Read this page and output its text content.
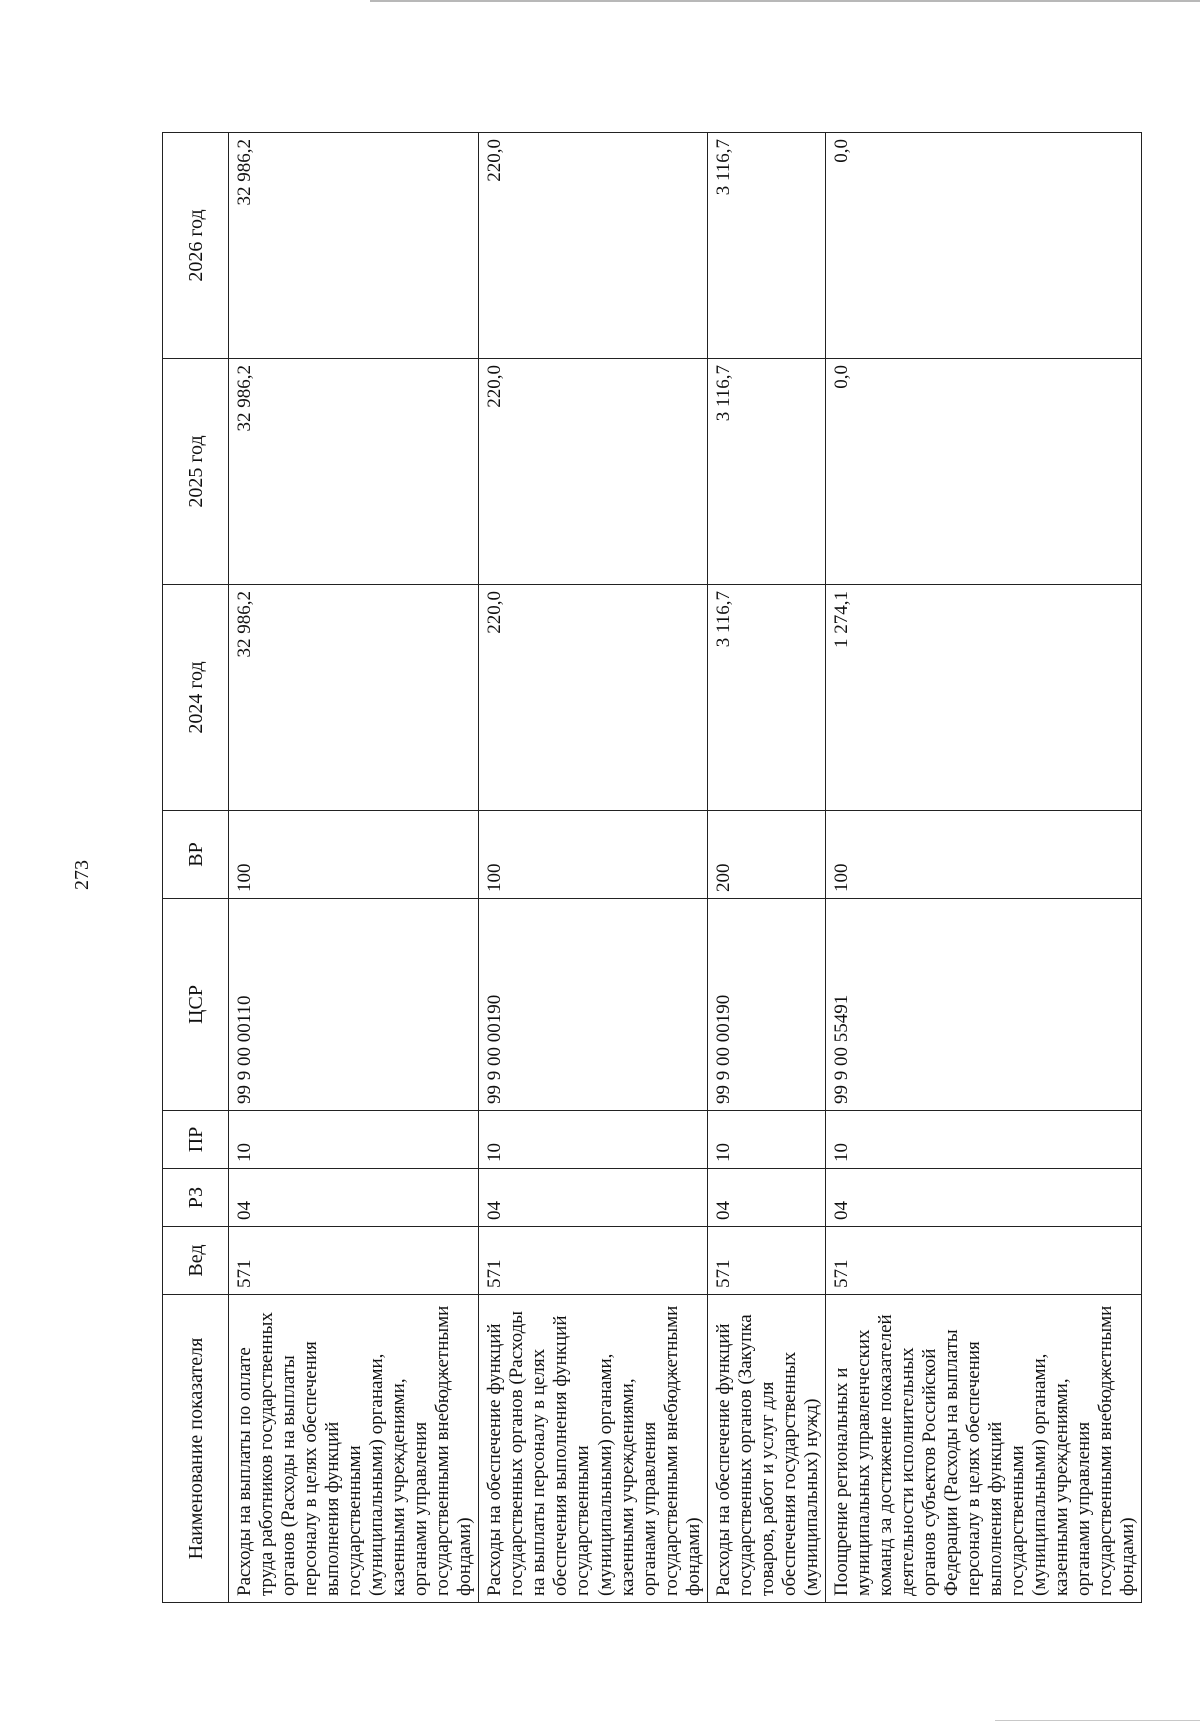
273
Наименование показателя	Вед	РЗ	ПР	ЦСР	ВР	2024 год	2025 год	2026 год
Расходы на выплаты по оплате труда работников государственных органов (Расходы на выплаты персоналу в целях обеспечения выполнения функций государственными (муниципальными) органами, казенными учреждениями, органами управления государственными внебюджетными фондами)	571	04	10	99 9 00 00110	100	32 986,2	32 986,2	32 986,2
Расходы на обеспечение функций государственных органов (Расходы на выплаты персоналу в целях обеспечения выполнения функций государственными (муниципальными) органами, казенными учреждениями, органами управления государственными внебюджетными фондами)	571	04	10	99 9 00 00190	100	220,0	220,0	220,0
Расходы на обеспечение функций государственных органов (Закупка товаров, работ и услуг для обеспечения государственных (муниципальных) нужд)	571	04	10	99 9 00 00190	200	3 116,7	3 116,7	3 116,7
Поощрение региональных и муниципальных управленческих команд за достижение показателей деятельности исполнительных органов субъектов Российской Федерации (Расходы на выплаты персоналу в целях обеспечения выполнения функций государственными (муниципальными) органами, казенными учреждениями, органами управления государственными внебюджетными фондами)	571	04	10	99 9 00 55491	100	1 274,1	0,0	0,0
